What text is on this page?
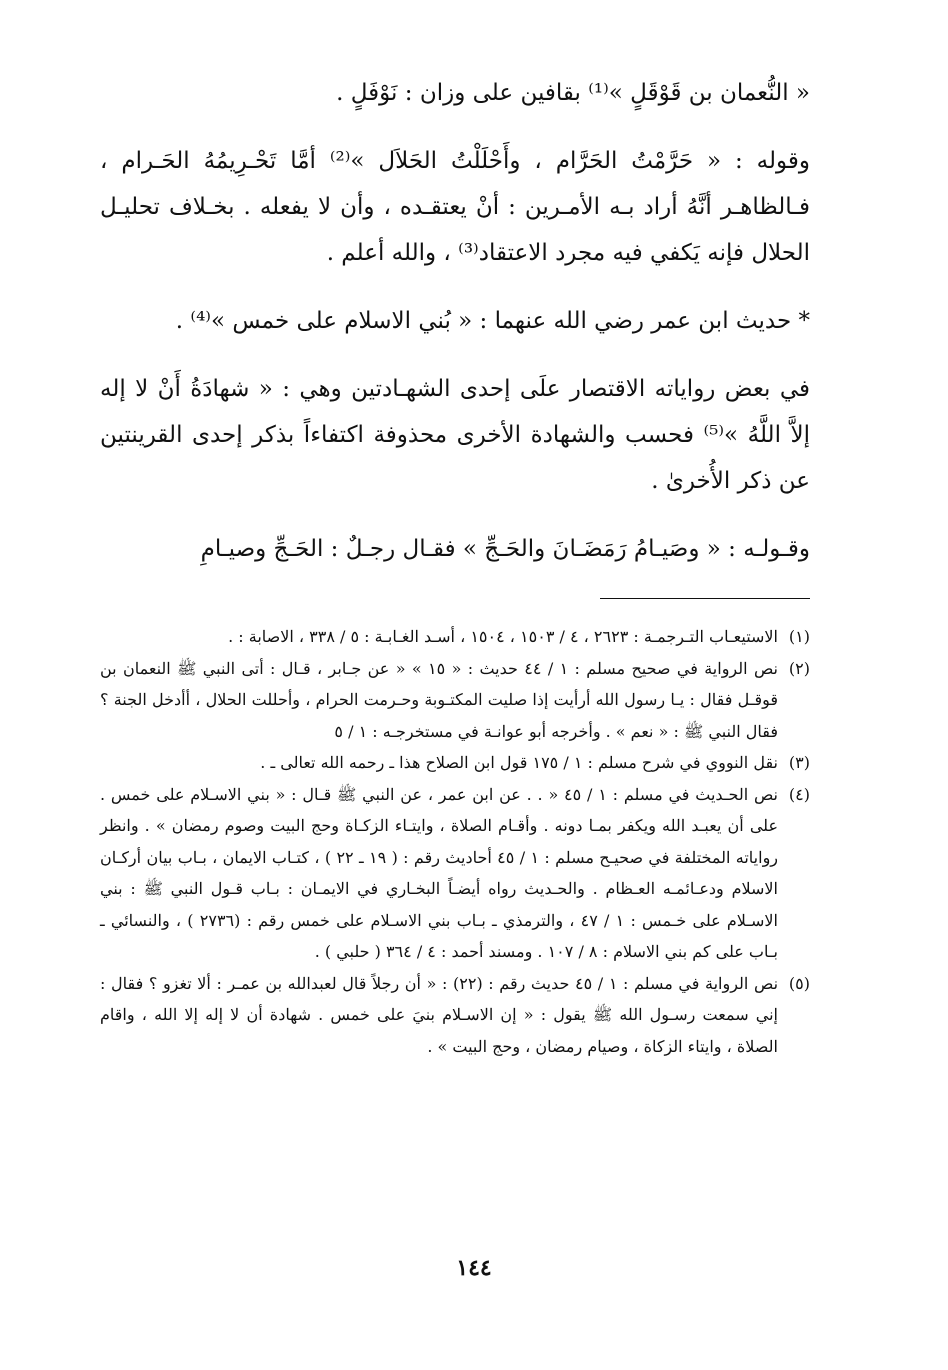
« النُّعمان بن قَوْقَلٍ »⁽¹⁾ بقافين على وزان : نَوْفَلٍ .

وقوله : « حَرَّمْتُ الحَرَّام ، وأَحْلَلْتُ الحَلاَل »⁽²⁾ أمَّا تَحْـرِيمُهُ الحَـرام ، فـالظاهـر أنَّهُ أراد بـه الأمـرين : أنْ يعتقـده ، وأن لا يفعله . بخـلاف تحليـل الحلال فإنه يَكفي فيه مجرد الاعتقاد⁽³⁾ ، والله أعلم .

* حديث ابن عمر رضي الله عنهما : « بُني الاسلام على خمس »⁽⁴⁾ .

في بعض رواياته الاقتصار علَى إحدى الشهـادتين وهي : « شهادَةُ أَنْ لا إله إلاَّ اللَّهُ »⁽⁵⁾ فحسب والشهادة الأخرى محذوفة اكتفاءاً بذكر إحدى القرينتين عن ذكر الأُخرىٰ .

وقـولـه : « وصَيـامُ رَمَضَـانَ والحَـجِّ » فقـال رجـلٌ : الحَـجِّ وصيـامِ

(١)
الاستيعـاب التـرجمـة : ٢٦٢٣ ، ٤ / ١٥٠٣ ، ١٥٠٤ ، أسـد الغـابـة : ٥ / ٣٣٨ ، الاصابة : .
(٢)
نص الرواية في صحيح مسلم : ١ / ٤٤ حديث : « ١٥ » « عن جـابر ، قـال : أتى النبي ﷺ النعمان بن قوقـل فقال : يـا رسول الله أرأيت إذا صليت المكتـوبة وحـرمت الحرام ، وأحللت الحلال ، أأدخل الجنة ؟ فقال النبي ﷺ : « نعم » . وأخرجه أبو عوانـة في مستخرجـه : ١ / ٥
(٣)
نقل النووي في شرح مسلم : ١ / ١٧٥ قول ابن الصلاح هذا ـ رحمه الله تعالى ـ .
(٤)
نص الحـديث في مسلم : ١ / ٤٥ « . . عن ابن عمر ، عن النبي ﷺ قـال : « بني الاسـلام على خمس . على أن يعبـد الله ويكفر بمـا دونه . وأقـام الصلاة ، وايتـاء الزكـاة وحج البيت وصوم رمضان » . وانظر رواياته المختلفة في صحيـح مسلم : ١ / ٤٥ أحاديث رقم : ( ١٩ ـ ٢٢ ) ، كتـاب الايمان ، بـاب بيان أركـان الاسلام ودعـائمـه العـظام . والحـديث رواه أيضـاً البخـاري في الايمـان : بـاب قـول النبي ﷺ : بني الاسـلام على خـمس : ١ / ٤٧ ، والترمذي ـ بـاب بني الاسـلام على خمس رقم : (٢٧٣٦ ) ، والنسائي ـ بـاب على كم بني الاسلام : ٨ / ١٠٧ . ومسند أحمد : ٤ / ٣٦٤ ( حلبي ) .
(٥)
نص الرواية في مسلم : ١ / ٤٥ حديث رقم : (٢٢) : « أن رجلاً قال لعبدالله بن عمـر : ألا تغزو ؟ فقال : إني سمعت رسـول الله ﷺ يقول : « إن الاسـلام بنيَ على خمس . شهادة أن لا إله إلا الله ، واقام الصلاة ، وايتاء الزكاة ، وصيام رمضان ، وحج البيت » .
١٤٤
